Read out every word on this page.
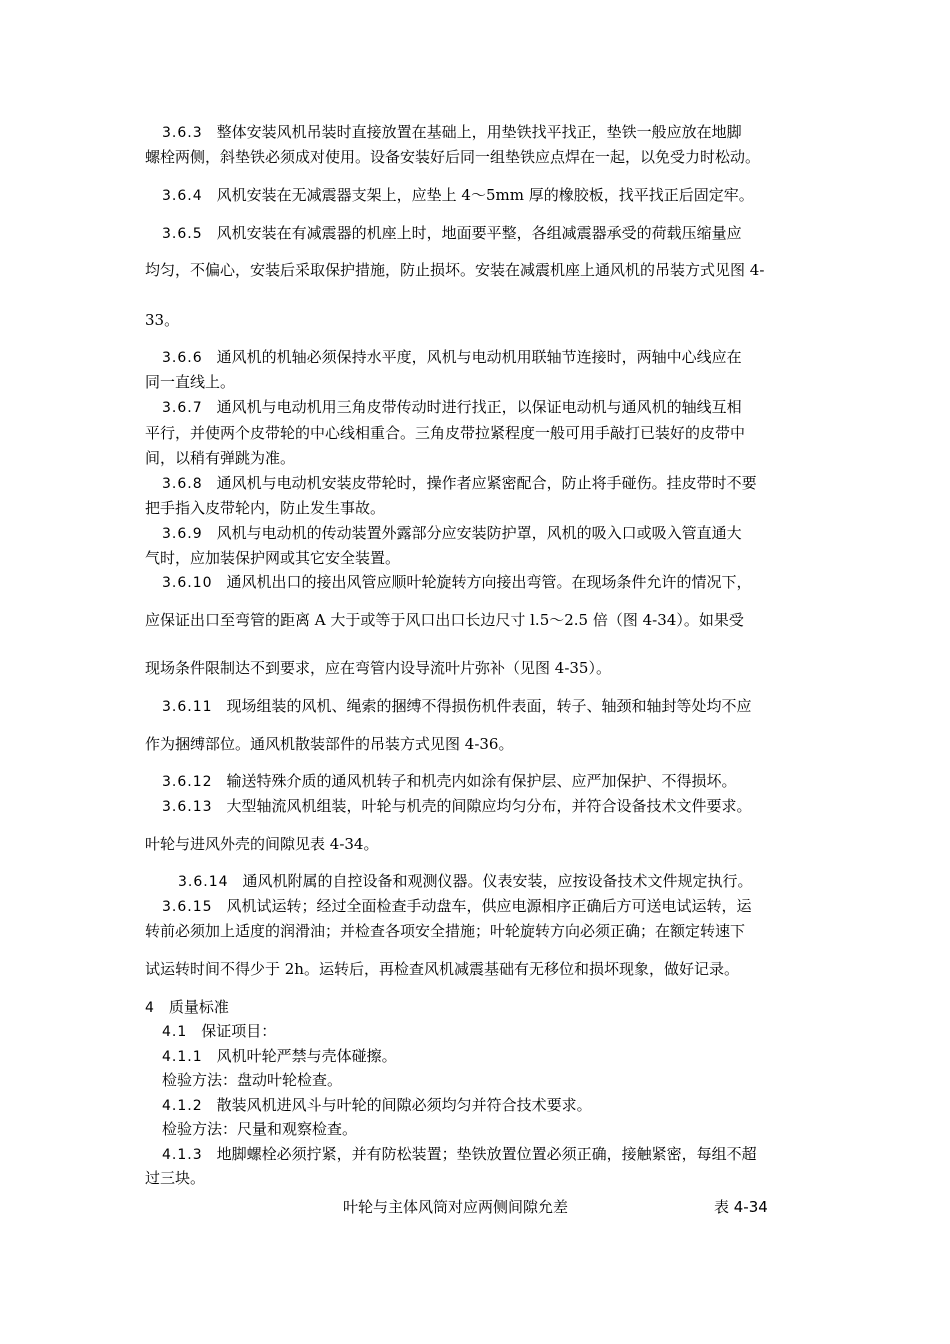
3.6.3 整体安装风机吊装时直接放置在基础上，用垫铁找平找正，垫铁一般应放在地脚
螺栓两侧，斜垫铁必须成对使用。设备安装好后同一组垫铁应点焊在一起，以免受力时松动。
3.6.4 风机安装在无减震器支架上，应垫上 4～5mm 厚的橡胶板，找平找正后固定牢。
3.6.5 风机安装在有减震器的机座上时，地面要平整，各组减震器承受的荷载压缩量应
均匀，不偏心，安装后采取保护措施，防止损坏。安装在减震机座上通风机的吊装方式见图 4-
33。
3.6.6 通风机的机轴必须保持水平度，风机与电动机用联轴节连接时，两轴中心线应在
同一直线上。
3.6.7 通风机与电动机用三角皮带传动时进行找正，以保证电动机与通风机的轴线互相
平行，并使两个皮带轮的中心线相重合。三角皮带拉紧程度一般可用手敲打已装好的皮带中
间，以稍有弹跳为准。
3.6.8 通风机与电动机安装皮带轮时，操作者应紧密配合，防止将手碰伤。挂皮带时不要
把手指入皮带轮内，防止发生事故。
3.6.9 风机与电动机的传动装置外露部分应安装防护罩，风机的吸入口或吸入管直通大
气时，应加装保护网或其它安全装置。
3.6.10 通风机出口的接出风管应顺叶轮旋转方向接出弯管。在现场条件允许的情况下，
应保证出口至弯管的距离 A 大于或等于风口出口长边尺寸 l.5～2.5 倍（图 4-34）。如果受
现场条件限制达不到要求，应在弯管内设导流叶片弥补（见图 4-35）。
3.6.11 现场组装的风机、绳索的捆缚不得损伤机件表面，转子、轴颈和轴封等处均不应
作为捆缚部位。通风机散装部件的吊装方式见图 4-36。
3.6.12 输送特殊介质的通风机转子和机壳内如涂有保护层、应严加保护、不得损坏。
3.6.13 大型轴流风机组装，叶轮与机壳的间隙应均匀分布，并符合设备技术文件要求。
叶轮与进风外壳的间隙见表 4-34。
3.6.14 通风机附属的自控设备和观测仪器。仪表安装，应按设备技术文件规定执行。
3.6.15 风机试运转；经过全面检查手动盘车，供应电源相序正确后方可送电试运转，运
转前必须加上适度的润滑油；并检查各项安全措施；叶轮旋转方向必须正确；在额定转速下
试运转时间不得少于 2h。运转后，再检查风机减震基础有无移位和损坏现象，做好记录。
4 质量标准
4.1 保证项目：
4.1.1 风机叶轮严禁与壳体碰擦。
检验方法：盘动叶轮检查。
4.1.2 散装风机进风斗与叶轮的间隙必须均匀并符合技术要求。
检验方法：尺量和观察检查。
4.1.3 地脚螺栓必须拧紧，并有防松装置；垫铁放置位置必须正确，接触紧密，每组不超
过三块。
叶轮与主体风筒对应两侧间隙允差	表 4-34
